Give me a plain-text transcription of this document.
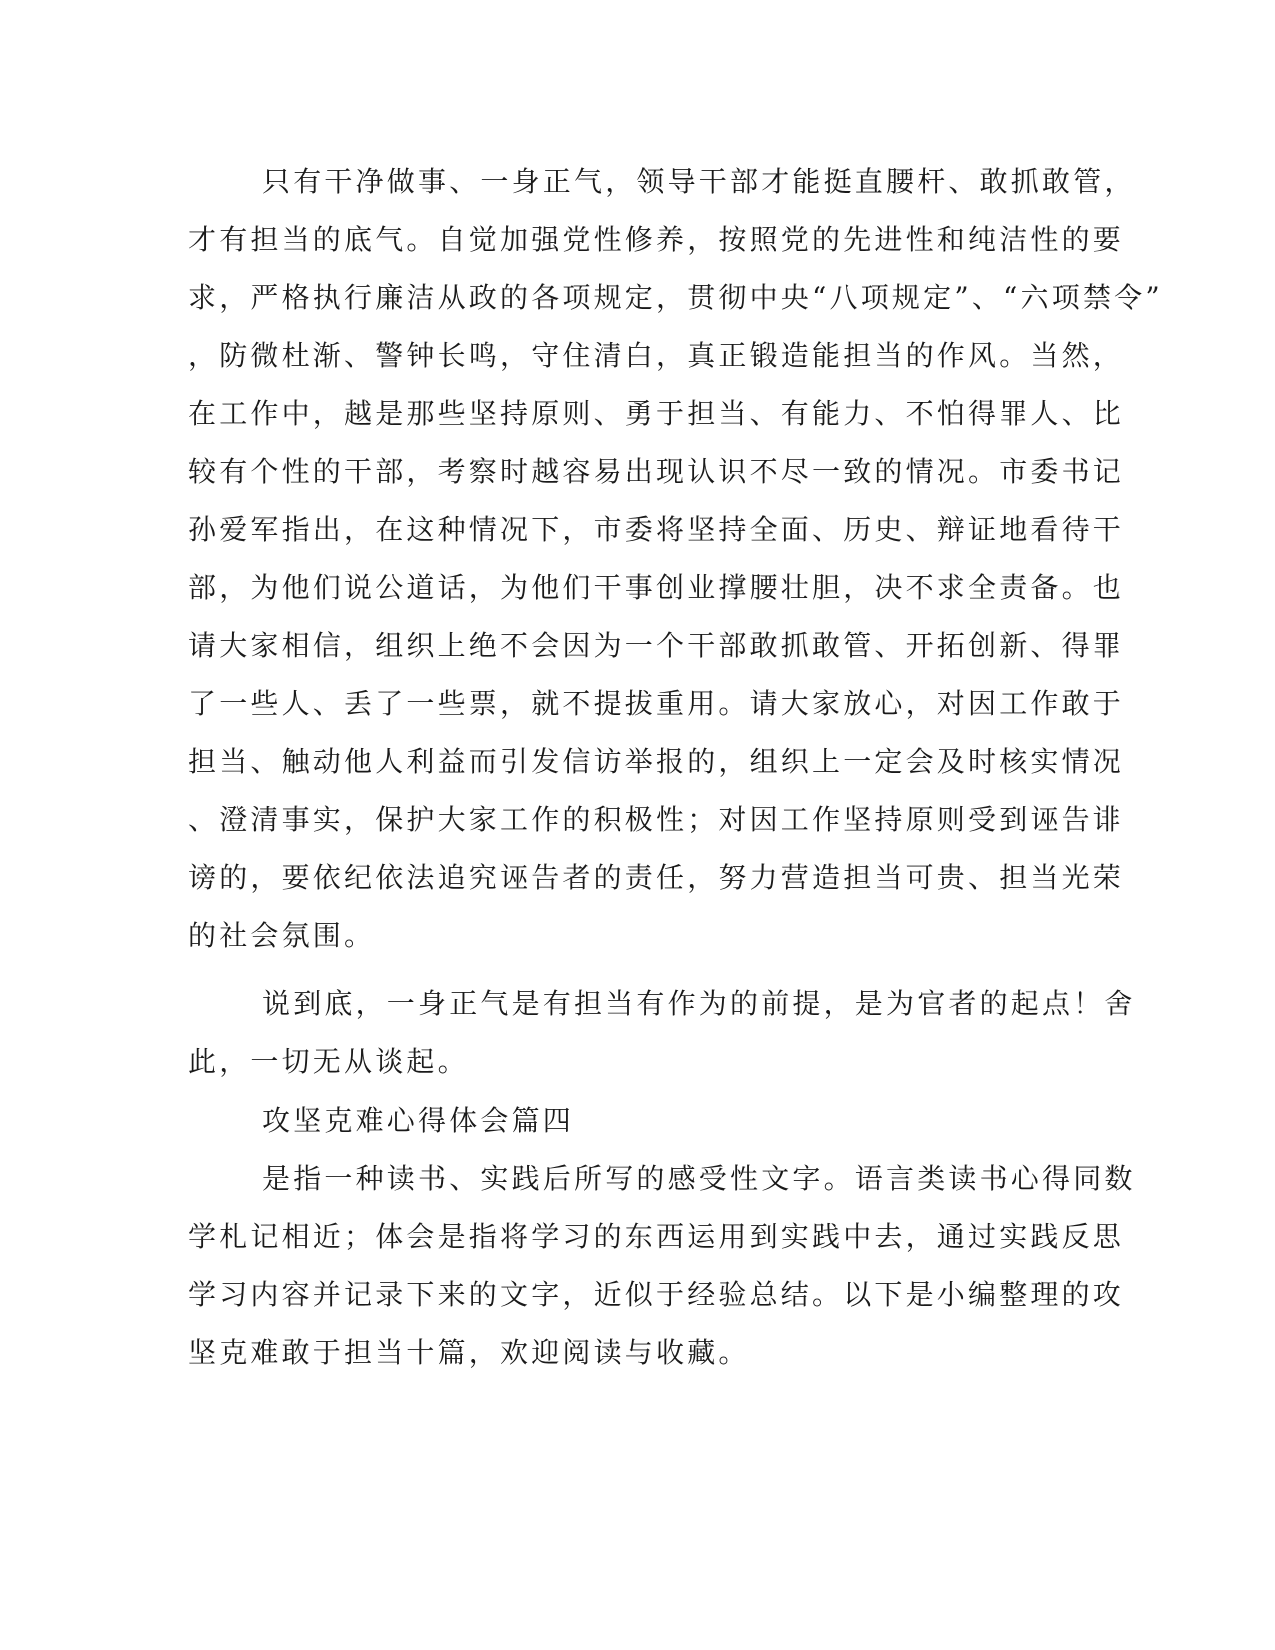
只有干净做事、一身正气，领导干部才能挺直腰杆、敢抓敢管，
才有担当的底气。自觉加强党性修养，按照党的先进性和纯洁性的要
求，严格执行廉洁从政的各项规定，贯彻中央“八项规定”、“六项禁令”
，防微杜渐、警钟长鸣，守住清白，真正锻造能担当的作风。当然，
在工作中，越是那些坚持原则、勇于担当、有能力、不怕得罪人、比
较有个性的干部，考察时越容易出现认识不尽一致的情况。市委书记
孙爱军指出，在这种情况下，市委将坚持全面、历史、辩证地看待干
部，为他们说公道话，为他们干事创业撑腰壮胆，决不求全责备。也
请大家相信，组织上绝不会因为一个干部敢抓敢管、开拓创新、得罪
了一些人、丢了一些票，就不提拔重用。请大家放心，对因工作敢于
担当、触动他人利益而引发信访举报的，组织上一定会及时核实情况
、澄清事实，保护大家工作的积极性；对因工作坚持原则受到诬告诽
谤的，要依纪依法追究诬告者的责任，努力营造担当可贵、担当光荣
的社会氛围。
说到底，一身正气是有担当有作为的前提，是为官者的起点！舍
此，一切无从谈起。
攻坚克难心得体会篇四
是指一种读书、实践后所写的感受性文字。语言类读书心得同数
学札记相近；体会是指将学习的东西运用到实践中去，通过实践反思
学习内容并记录下来的文字，近似于经验总结。以下是小编整理的攻
坚克难敢于担当十篇，欢迎阅读与收藏。
